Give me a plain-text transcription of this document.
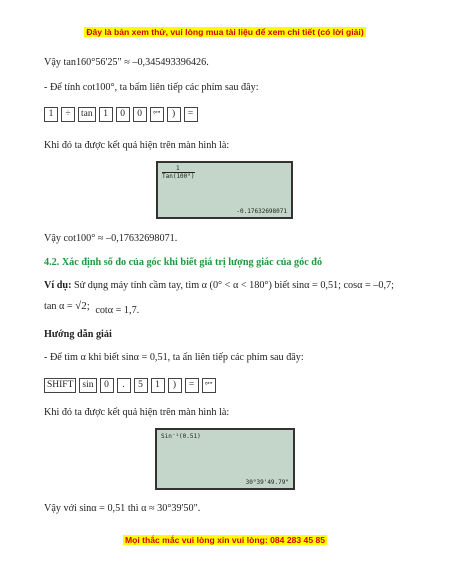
Đây là bản xem thử, vui lòng mua tài liệu để xem chi tiết (có lời giải)
Vậy tan160°56'25" ≈ –0,345493396426.
- Để tính cot100°, ta bấm liên tiếp các phím sau đây:
1	÷	tan	1	0	0	°'"	)	=
Khi đó ta được kết quả hiện trên màn hình là:
1
Tan(100°)
-0.17632698071
Vậy cot100° ≈ –0,17632698071.
4.2. Xác định số đo của góc khi biết giá trị lượng giác của góc đó
Ví dụ: Sử dụng máy tính cầm tay, tìm α (0° < α < 180°) biết sinα = 0,51; cosα = –0,7;
tan α = √2; cotα = 1,7.
Hướng dẫn giải
- Để tìm α khi biết sinα = 0,51, ta ấn liên tiếp các phím sau đây:
SHIFT sin	0	.	5	1	)	=	°'"
Khi đó ta được kết quả hiện trên màn hình là:
Sin⁻¹(0.51)
30°39'49.79"
Vậy với sinα = 0,51 thì α ≈ 30°39'50".
Mọi thắc mắc vui lòng xin vui lòng: 084 283 45 85
